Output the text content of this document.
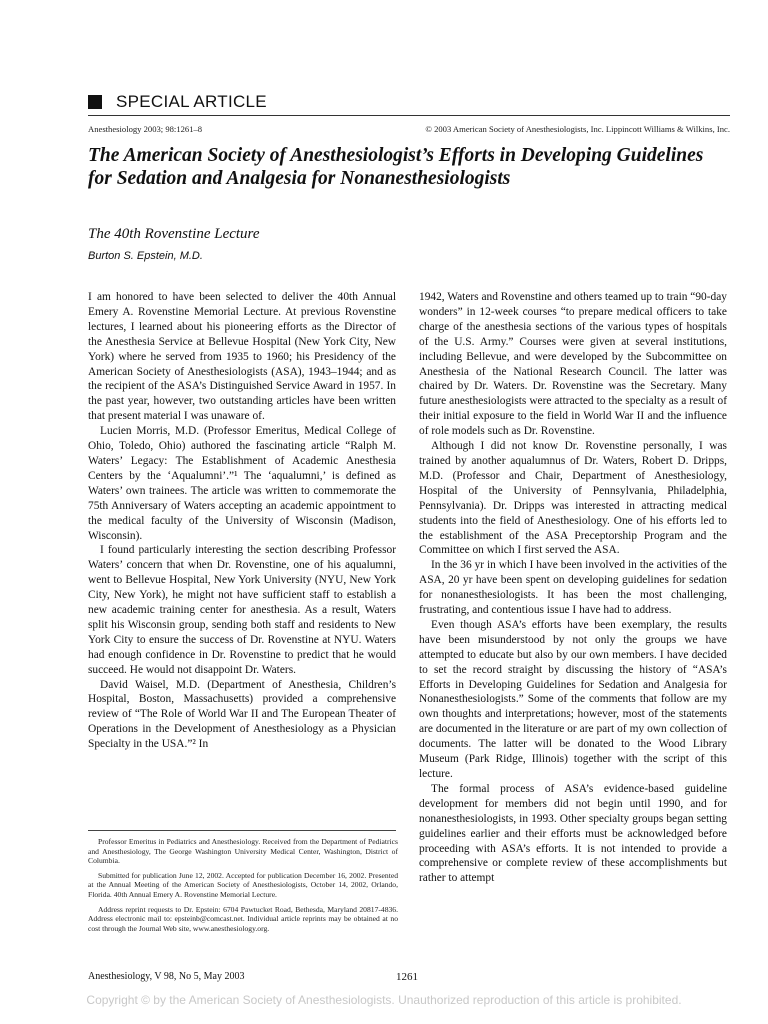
SPECIAL ARTICLE
Anesthesiology 2003; 98:1261–8	© 2003 American Society of Anesthesiologists, Inc. Lippincott Williams & Wilkins, Inc.
The American Society of Anesthesiologist’s Efforts in Developing Guidelines for Sedation and Analgesia for Nonanesthesiologists
The 40th Rovenstine Lecture
Burton S. Epstein, M.D.

I am honored to have been selected to deliver the 40th Annual Emery A. Rovenstine Memorial Lecture. At previous Rovenstine lectures, I learned about his pioneering efforts as the Director of the Anesthesia Service at Bellevue Hospital (New York City, New York) where he served from 1935 to 1960; his Presidency of the American Society of Anesthesiologists (ASA), 1943–1944; and as the recipient of the ASA’s Distinguished Service Award in 1957. In the past year, however, two outstanding articles have been written that present material I was unaware of.

Lucien Morris, M.D. (Professor Emeritus, Medical College of Ohio, Toledo, Ohio) authored the fascinating article “Ralph M. Waters’ Legacy: The Establishment of Academic Anesthesia Centers by the ‘Aqualumni’.”¹ The ‘aqualumni,’ is defined as Waters’ own trainees. The article was written to commemorate the 75th Anniversary of Waters accepting an academic appointment to the medical faculty of the University of Wisconsin (Madison, Wisconsin).

I found particularly interesting the section describing Professor Waters’ concern that when Dr. Rovenstine, one of his aqualumni, went to Bellevue Hospital, New York University (NYU, New York City, New York), he might not have sufficient staff to establish a new academic training center for anesthesia. As a result, Waters split his Wisconsin group, sending both staff and residents to New York City to ensure the success of Dr. Rovenstine at NYU. Waters had enough confidence in Dr. Rovenstine to predict that he would succeed. He would not disappoint Dr. Waters.

David Waisel, M.D. (Department of Anesthesia, Children’s Hospital, Boston, Massachusetts) provided a comprehensive review of “The Role of World War II and The European Theater of Operations in the Development of Anesthesiology as a Physician Specialty in the USA.”² In

1942, Waters and Rovenstine and others teamed up to train “90-day wonders” in 12-week courses “to prepare medical officers to take charge of the anesthesia sections of the various types of hospitals of the U.S. Army.” Courses were given at several institutions, including Bellevue, and were developed by the Subcommittee on Anesthesia of the National Research Council. The latter was chaired by Dr. Waters. Dr. Rovenstine was the Secretary. Many future anesthesiologists were attracted to the specialty as a result of their initial exposure to the field in World War II and the influence of role models such as Dr. Rovenstine.

Although I did not know Dr. Rovenstine personally, I was trained by another aqualumnus of Dr. Waters, Robert D. Dripps, M.D. (Professor and Chair, Department of Anesthesiology, Hospital of the University of Pennsylvania, Philadelphia, Pennsylvania). Dr. Dripps was interested in attracting medical students into the field of Anesthesiology. One of his efforts led to the establishment of the ASA Preceptorship Program and the Committee on which I first served the ASA.

In the 36 yr in which I have been involved in the activities of the ASA, 20 yr have been spent on developing guidelines for sedation for nonanesthesiologists. It has been the most challenging, frustrating, and contentious issue I have had to address.

Even though ASA’s efforts have been exemplary, the results have been misunderstood by not only the groups we have attempted to educate but also by our own members. I have decided to set the record straight by discussing the history of “ASA’s Efforts in Developing Guidelines for Sedation and Analgesia for Nonanesthesiologists.” Some of the comments that follow are my own thoughts and interpretations; however, most of the statements are documented in the literature or are part of my own collection of documents. The latter will be donated to the Wood Library Museum (Park Ridge, Illinois) together with the script of this lecture.

The formal process of ASA’s evidence-based guideline development for members did not begin until 1990, and for nonanesthesiologists, in 1993. Other specialty groups began setting guidelines earlier and their efforts must be acknowledged before proceeding with ASA’s efforts. It is not intended to provide a comprehensive or complete review of these accomplishments but rather to attempt

Professor Emeritus in Pediatrics and Anesthesiology. Received from the Department of Pediatrics and Anesthesiology, The George Washington University Medical Center, Washington, District of Columbia.

Submitted for publication June 12, 2002. Accepted for publication December 16, 2002. Presented at the Annual Meeting of the American Society of Anesthesiologists, October 14, 2002, Orlando, Florida. 40th Annual Emery A. Rovenstine Memorial Lecture.

Address reprint requests to Dr. Epstein: 6704 Pawtucket Road, Bethesda, Maryland 20817-4836. Address electronic mail to: epsteinb@comcast.net. Individual article reprints may be obtained at no cost through the Journal Web site, www.anesthesiology.org.

Anesthesiology, V 98, No 5, May 2003	1261
Copyright © by the American Society of Anesthesiologists. Unauthorized reproduction of this article is prohibited.
